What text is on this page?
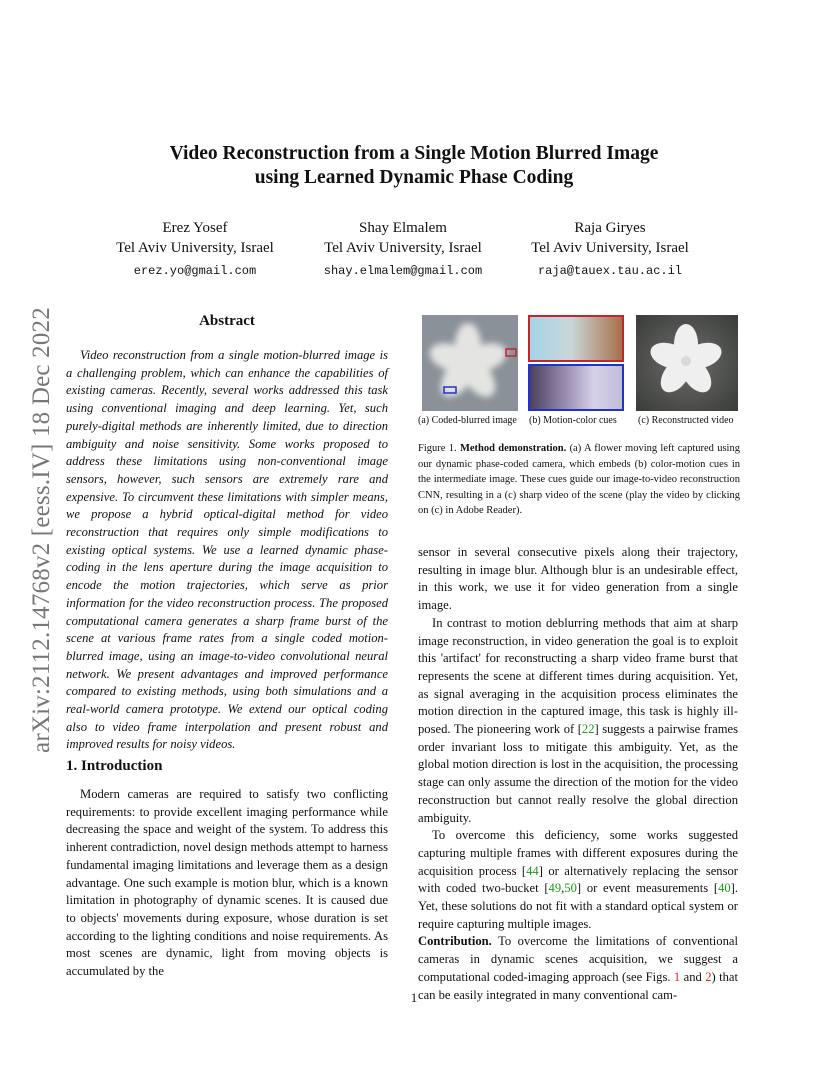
arXiv:2112.14768v2 [eess.IV] 18 Dec 2022
Video Reconstruction from a Single Motion Blurred Image
using Learned Dynamic Phase Coding
Erez Yosef
Tel Aviv University, Israel
erez.yo@gmail.com
Shay Elmalem
Tel Aviv University, Israel
shay.elmalem@gmail.com
Raja Giryes
Tel Aviv University, Israel
raja@tauex.tau.ac.il
Abstract

Video reconstruction from a single motion-blurred image is a challenging problem, which can enhance the capabilities of existing cameras. Recently, several works addressed this task using conventional imaging and deep learning. Yet, such purely-digital methods are inherently limited, due to direction ambiguity and noise sensitivity. Some works proposed to address these limitations using non-conventional image sensors, however, such sensors are extremely rare and expensive. To circumvent these limitations with simpler means, we propose a hybrid optical-digital method for video reconstruction that requires only simple modifications to existing optical systems. We use a learned dynamic phase-coding in the lens aperture during the image acquisition to encode the motion trajectories, which serve as prior information for the video reconstruction process. The proposed computational camera generates a sharp frame burst of the scene at various frame rates from a single coded motion-blurred image, using an image-to-video convolutional neural network. We present advantages and improved performance compared to existing methods, using both simulations and a real-world camera prototype. We extend our optical coding also to video frame interpolation and present robust and improved results for noisy videos.

1. Introduction

Modern cameras are required to satisfy two conflicting requirements: to provide excellent imaging performance while decreasing the space and weight of the system. To address this inherent contradiction, novel design methods attempt to harness fundamental imaging limitations and leverage them as a design advantage. One such example is motion blur, which is a known limitation in photography of dynamic scenes. It is caused due to objects' movements during exposure, whose duration is set according to the lighting conditions and noise requirements. As most scenes are dynamic, light from moving objects is accumulated by the

(a) Coded-blurred image (b) Motion-color cues (c) Reconstructed video
Figure 1. Method demonstration. (a) A flower moving left captured using our dynamic phase-coded camera, which embeds (b) color-motion cues in the intermediate image. These cues guide our image-to-video reconstruction CNN, resulting in a (c) sharp video of the scene (play the video by clicking on (c) in Adobe Reader).

sensor in several consecutive pixels along their trajectory, resulting in image blur. Although blur is an undesirable effect, in this work, we use it for video generation from a single image.

In contrast to motion deblurring methods that aim at sharp image reconstruction, in video generation the goal is to exploit this 'artifact' for reconstructing a sharp video frame burst that represents the scene at different times during acquisition. Yet, as signal averaging in the acquisition process eliminates the motion direction in the captured image, this task is highly ill-posed. The pioneering work of [22] suggests a pairwise frames order invariant loss to mitigate this ambiguity. Yet, as the global motion direction is lost in the acquisition, the processing stage can only assume the direction of the motion for the video reconstruction but cannot really resolve the global direction ambiguity.

To overcome this deficiency, some works suggested capturing multiple frames with different exposures during the acquisition process [44] or alternatively replacing the sensor with coded two-bucket [49,50] or event measurements [40]. Yet, these solutions do not fit with a standard optical system or require capturing multiple images.

Contribution. To overcome the limitations of conventional cameras in dynamic scenes acquisition, we suggest a computational coded-imaging approach (see Figs. 1 and 2) that can be easily integrated in many conventional cam-

1
